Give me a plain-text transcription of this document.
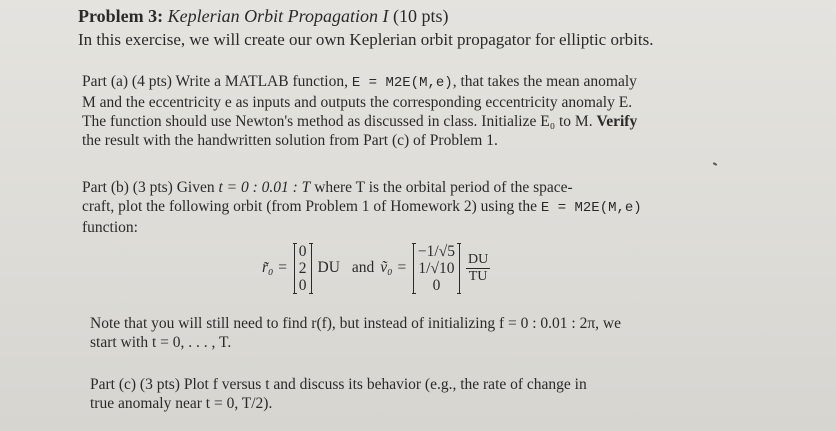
Problem 3: Keplerian Orbit Propagation I (10 pts)
In this exercise, we will create our own Keplerian orbit propagator for elliptic orbits.
Part (a) (4 pts) Write a MATLAB function, E = M2E(M,e), that takes the mean anomaly
M and the eccentricity e as inputs and outputs the corresponding eccentricity anomaly E.
The function should use Newton's method as discussed in class. Initialize E₀ to M. Verify
the result with the handwritten solution from Part (c) of Problem 1.
Part (b) (3 pts) Given t = 0 : 0.01 : T where T is the orbital period of the space-
craft, plot the following orbit (from Problem 1 of Homework 2) using the E = M2E(M,e)
function:
r̃₀ =
0
2
0
DU and ṽ₀ =
−1/√5
1/√10
0
$\frac{DU}{TU}$
Note that you will still need to find r(f), but instead of initializing f = 0 : 0.01 : 2π, we
start with t = 0, . . . , T.
Part (c) (3 pts) Plot f versus t and discuss its behavior (e.g., the rate of change in
true anomaly near t = 0, T/2).
